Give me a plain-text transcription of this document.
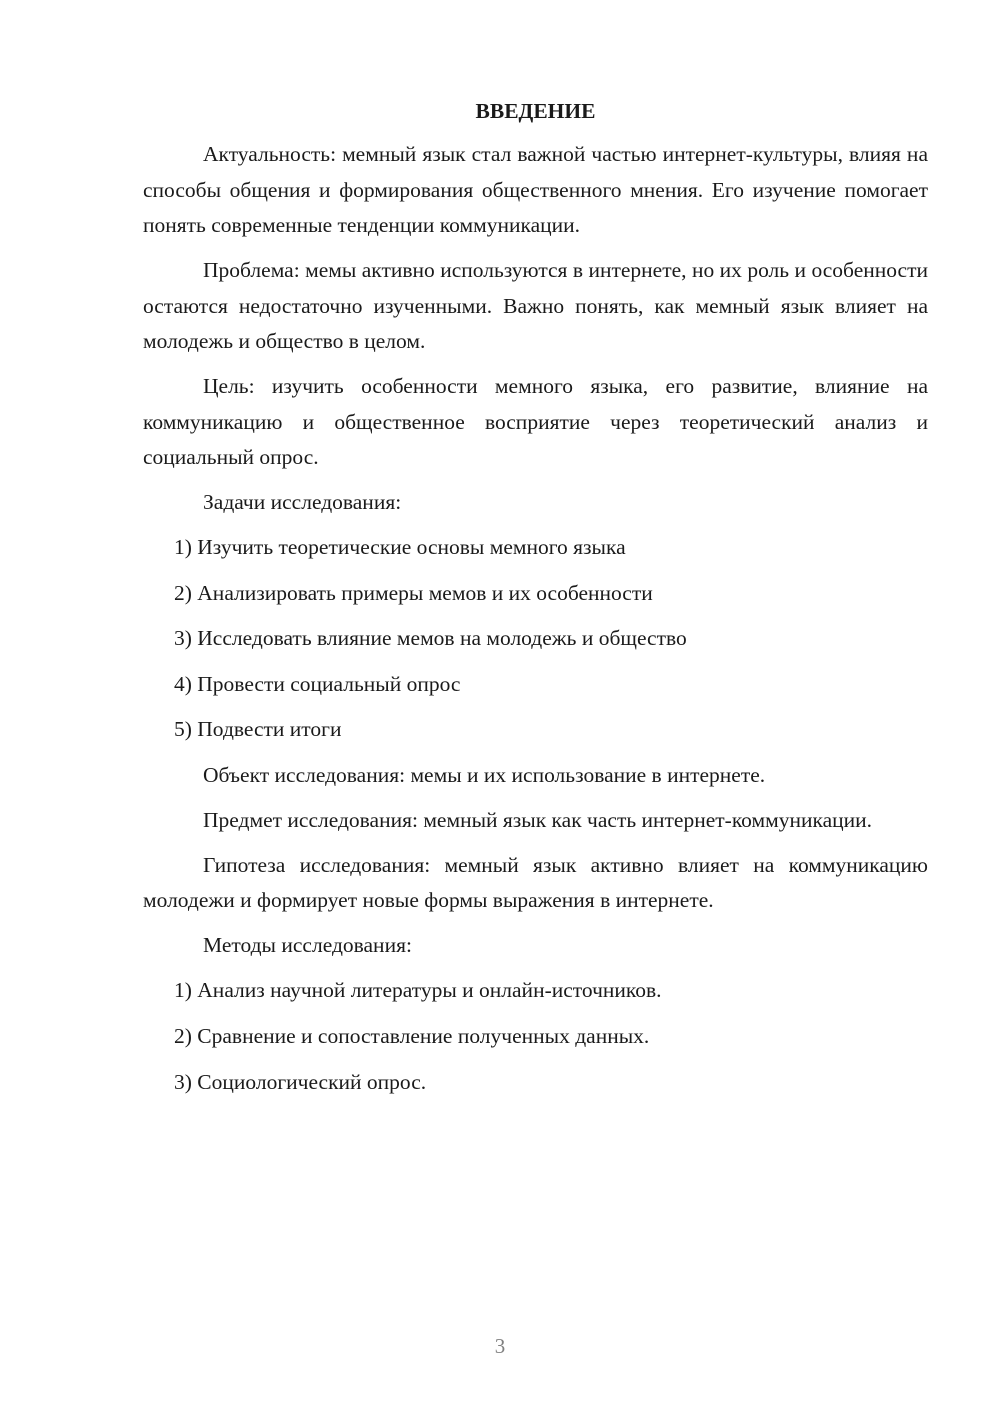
ВВЕДЕНИЕ

Актуальность: мемный язык стал важной частью интернет-культуры, влияя на способы общения и формирования общественного мнения. Его изучение помогает понять современные тенденции коммуникации.

Проблема: мемы активно используются в интернете, но их роль и особенности остаются недостаточно изученными. Важно понять, как мемный язык влияет на молодежь и общество в целом.

Цель: изучить особенности мемного языка, его развитие, влияние на коммуникацию и общественное восприятие через теоретический анализ и социальный опрос.

Задачи исследования:

1) Изучить теоретические основы мемного языка
2) Анализировать примеры мемов и их особенности
3) Исследовать влияние мемов на молодежь и общество
4) Провести социальный опрос
5) Подвести итоги

Объект исследования: мемы и их использование в интернете.

Предмет исследования: мемный язык как часть интернет-коммуникации.

Гипотеза исследования: мемный язык активно влияет на коммуникацию молодежи и формирует новые формы выражения в интернете.

Методы исследования:

1) Анализ научной литературы и онлайн-источников.
2) Сравнение и сопоставление полученных данных.
3) Социологический опрос.
3
